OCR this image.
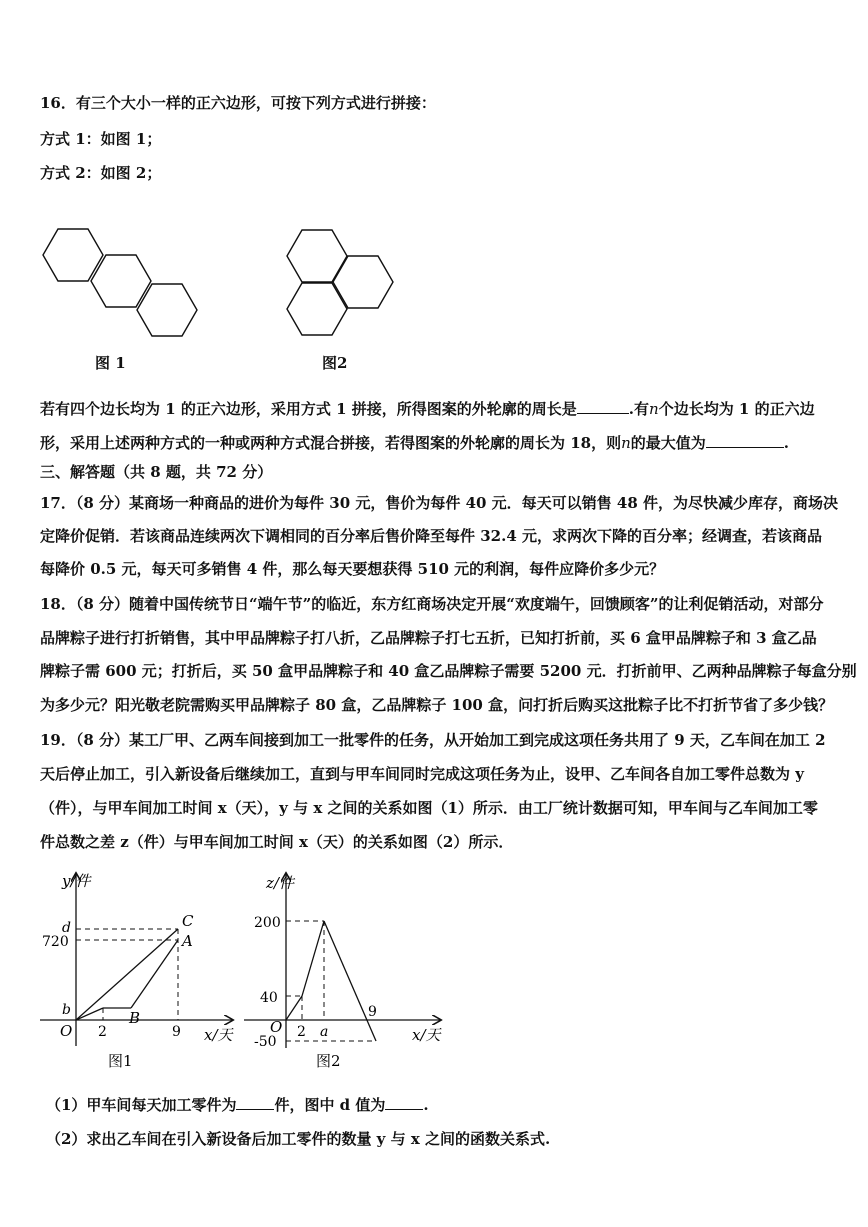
16．有三个大小一样的正六边形，可按下列方式进行拼接：
方式 1：如图 1；
方式 2：如图 2；
图 1	图2
若有四个边长均为 1 的正六边形，采用方式 1 拼接，所得图案的外轮廓的周长是	.有n个边长均为 1 的正六边
形，采用上述两种方式的一种或两种方式混合拼接，若得图案的外轮廓的周长为 18，则n的最大值为	.
三、解答题（共 8 题，共 72 分）
17．（8 分）某商场一种商品的进价为每件 30 元，售价为每件 40 元．每天可以销售 48 件，为尽快减少库存，商场决
定降价促销．若该商品连续两次下调相同的百分率后售价降至每件 32.4 元，求两次下降的百分率；经调查，若该商品
每降价 0.5 元，每天可多销售 4 件，那么每天要想获得 510 元的利润，每件应降价多少元？
18．（8 分）随着中国传统节日“端午节”的临近，东方红商场决定开展“欢度端午，回馈顾客”的让利促销活动，对部分
品牌粽子进行打折销售，其中甲品牌粽子打八折，乙品牌粽子打七五折，已知打折前，买 6 盒甲品牌粽子和 3 盒乙品
牌粽子需 600 元；打折后，买 50 盒甲品牌粽子和 40 盒乙品牌粽子需要 5200 元．打折前甲、乙两种品牌粽子每盒分别
为多少元？阳光敬老院需购买甲品牌粽子 80 盒，乙品牌粽子 100 盒，问打折后购买这批粽子比不打折节省了多少钱？
19．（8 分）某工厂甲、乙两车间接到加工一批零件的任务，从开始加工到完成这项任务共用了 9 天，乙车间在加工 2
天后停止加工，引入新设备后继续加工，直到与甲车间同时完成这项任务为止，设甲、乙车间各自加工零件总数为 y
（件），与甲车间加工时间 x（天），y 与 x 之间的关系如图（1）所示．由工厂统计数据可知，甲车间与乙车间加工零
件总数之差 z（件）与甲车间加工时间 x（天）的关系如图（2）所示．
y/件
x/天
O
d
720
b
2	9
C
A
B
图1
z/件
x/天
O
200
40
-50
2 a
9
图2
（1）甲车间每天加工零件为	件，图中 d 值为	.
（2）求出乙车间在引入新设备后加工零件的数量 y 与 x 之间的函数关系式.
